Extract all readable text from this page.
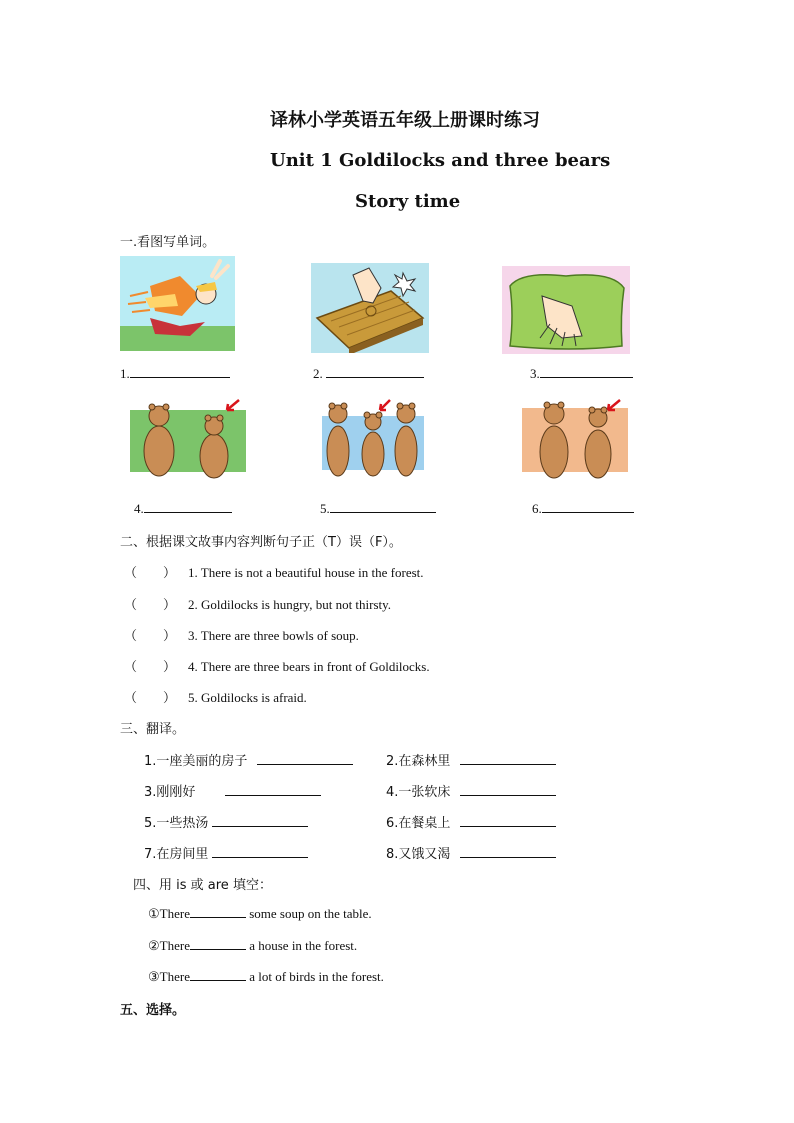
译林小学英语五年级上册课时练习
Unit 1 Goldilocks and three bears
Story time
一.看图写单词。
1.	2.	3.
4.	5.	6.
二、根据课文故事内容判断句子正（T）误（F）。
（　　） 1. There is not a beautiful house in the forest.
（　　） 2. Goldilocks is hungry, but not thirsty.
（　　） 3. There are three bowls of soup.
（　　） 4. There are three bears in front of Goldilocks.
（　　） 5. Goldilocks is afraid.
三、翻译。
1.一座美丽的房子	2.在森林里
3.刚刚好	4.一张软床
5.一些热汤	6.在餐桌上
7.在房间里	8.又饿又渴
四、用 is 或 are 填空：
①There	some soup on the table.
②There	a house in the forest.
③There	a lot of birds in the forest.
五、选择。
